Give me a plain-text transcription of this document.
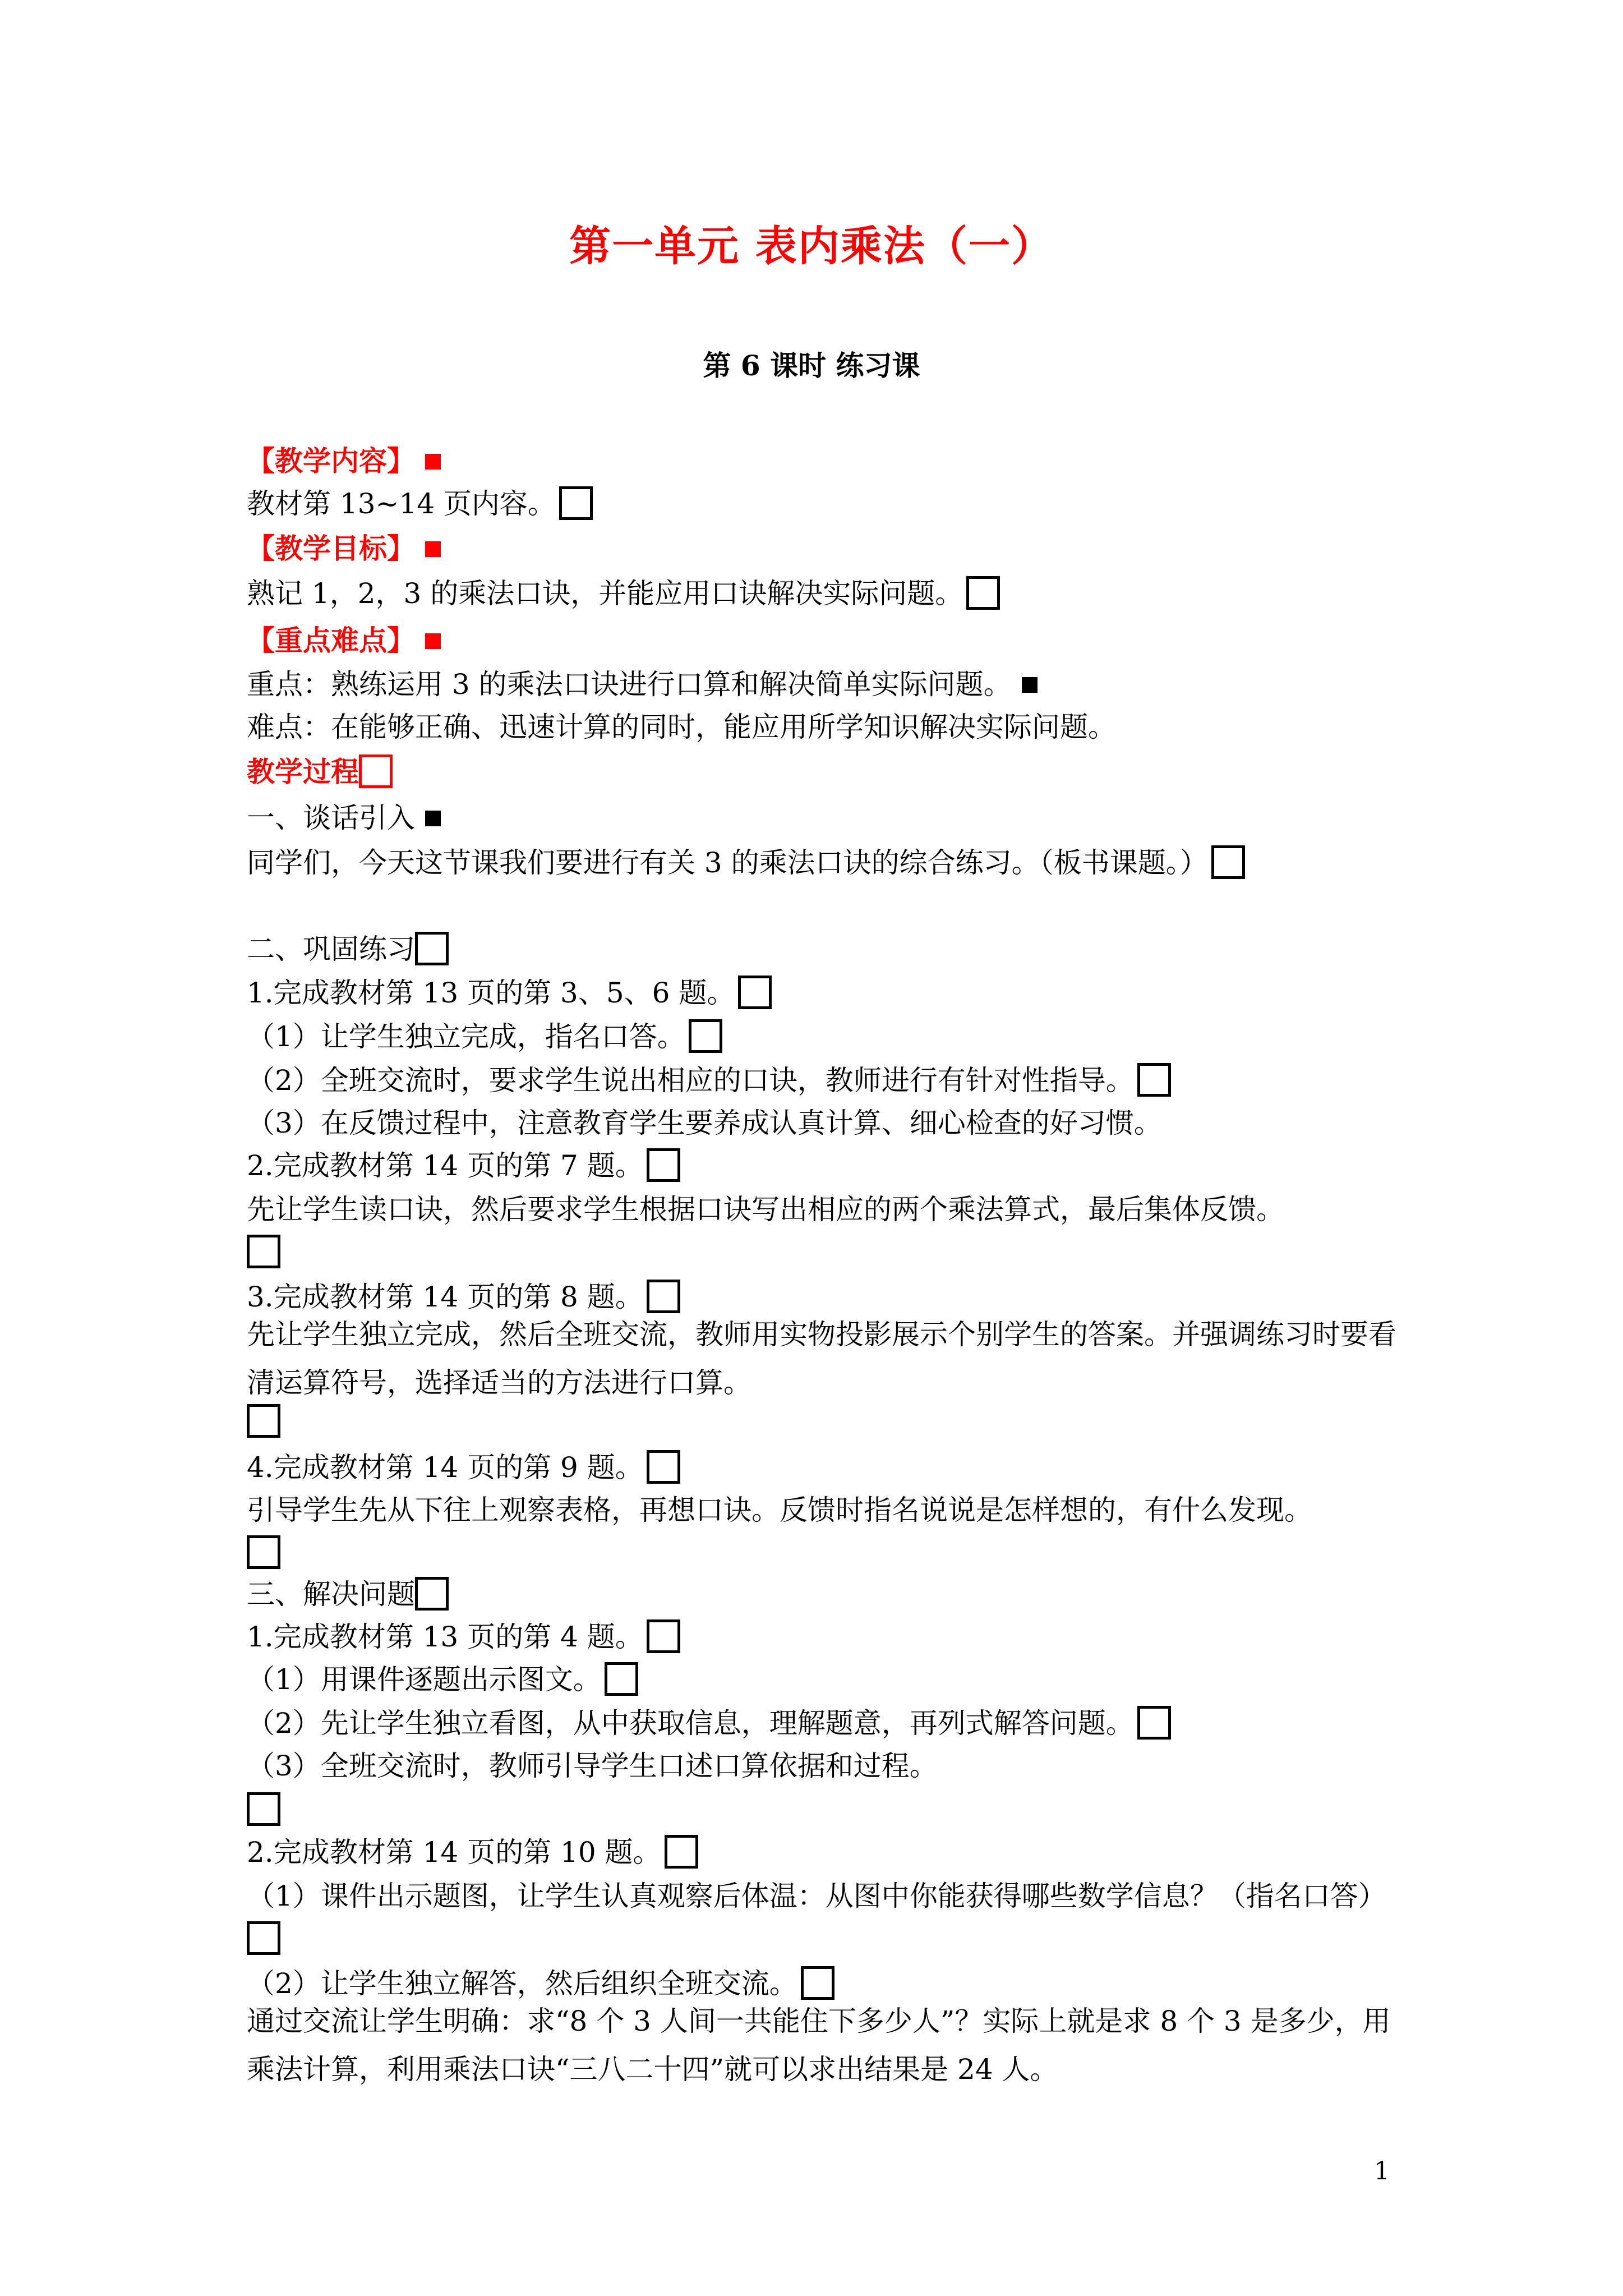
第一单元 表内乘法（一）
第 6 课时 练习课
【教学内容】
教材第 13~14 页内容。
【教学目标】
熟记 1，2，3 的乘法口诀，并能应用口诀解决实际问题。
【重点难点】
重点：熟练运用 3 的乘法口诀进行口算和解决简单实际问题。
难点：在能够正确、迅速计算的同时，能应用所学知识解决实际问题。
教学过程
一、谈话引入
同学们，今天这节课我们要进行有关 3 的乘法口诀的综合练习。（板书课题。）
二、巩固练习
1.完成教材第 13 页的第 3、5、6 题。
（1）让学生独立完成，指名口答。
（2）全班交流时，要求学生说出相应的口诀，教师进行有针对性指导。
（3）在反馈过程中，注意教育学生要养成认真计算、细心检查的好习惯。
2.完成教材第 14 页的第 7 题。
先让学生读口诀，然后要求学生根据口诀写出相应的两个乘法算式，最后集体反馈。
3.完成教材第 14 页的第 8 题。
先让学生独立完成，然后全班交流，教师用实物投影展示个别学生的答案。并强调练习时要看清运算符号，选择适当的方法进行口算。
4.完成教材第 14 页的第 9 题。
引导学生先从下往上观察表格，再想口诀。反馈时指名说说是怎样想的，有什么发现。
三、解决问题
1.完成教材第 13 页的第 4 题。
（1）用课件逐题出示图文。
（2）先让学生独立看图，从中获取信息，理解题意，再列式解答问题。
（3）全班交流时，教师引导学生口述口算依据和过程。
2.完成教材第 14 页的第 10 题。
（1）课件出示题图，让学生认真观察后体温：从图中你能获得哪些数学信息？（指名口答）
（2）让学生独立解答，然后组织全班交流。
通过交流让学生明确：求“8 个 3 人间一共能住下多少人”？实际上就是求 8 个 3 是多少，用乘法计算，利用乘法口诀“三八二十四”就可以求出结果是 24 人。
1
